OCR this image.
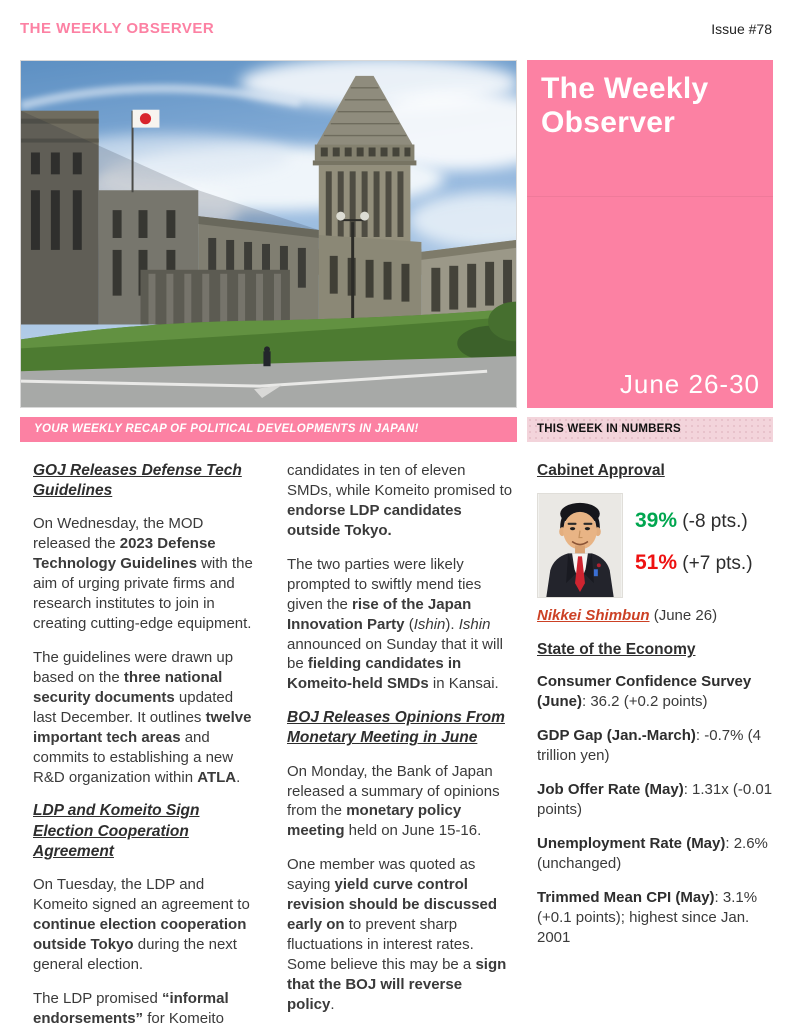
THE WEEKLY OBSERVER	Issue #78
The Weekly Observer
June 26-30
YOUR WEEKLY RECAP OF POLITICAL DEVELOPMENTS IN JAPAN!	THIS WEEK IN NUMBERS
GOJ Releases Defense Tech Guidelines

On Wednesday, the MOD released the 2023 Defense Technology Guidelines with the aim of urging private firms and research institutes to join in creating cutting-edge equipment.

The guidelines were drawn up based on the three national security documents updated last December. It outlines twelve important tech areas and commits to establishing a new R&D organization within ATLA.

LDP and Komeito Sign Election Cooperation Agreement

On Tuesday, the LDP and Komeito signed an agreement to continue election cooperation outside Tokyo during the next general election.

The LDP promised “informal endorsements” for Komeito

candidates in ten of eleven SMDs, while Komeito promised to endorse LDP candidates outside Tokyo.

The two parties were likely prompted to swiftly mend ties given the rise of the Japan Innovation Party (Ishin). Ishin announced on Sunday that it will be fielding candidates in Komeito-held SMDs in Kansai.

BOJ Releases Opinions From Monetary Meeting in June

On Monday, the Bank of Japan released a summary of opinions from the monetary policy meeting held on June 15-16.

One member was quoted as saying yield curve control revision should be discussed early on to prevent sharp fluctuations in interest rates. Some believe this may be a sign that the BOJ will reverse policy.

Cabinet Approval
39% (-8 pts.)
51% (+7 pts.)

Nikkei Shimbun (June 26)

State of the Economy

Consumer Confidence Survey (June): 36.2 (+0.2 points)

GDP Gap (Jan.-March): -0.7% (4 trillion yen)

Job Offer Rate (May): 1.31x (-0.01 points)

Unemployment Rate (May): 2.6% (unchanged)

Trimmed Mean CPI (May): 3.1% (+0.1 points); highest since Jan. 2001
